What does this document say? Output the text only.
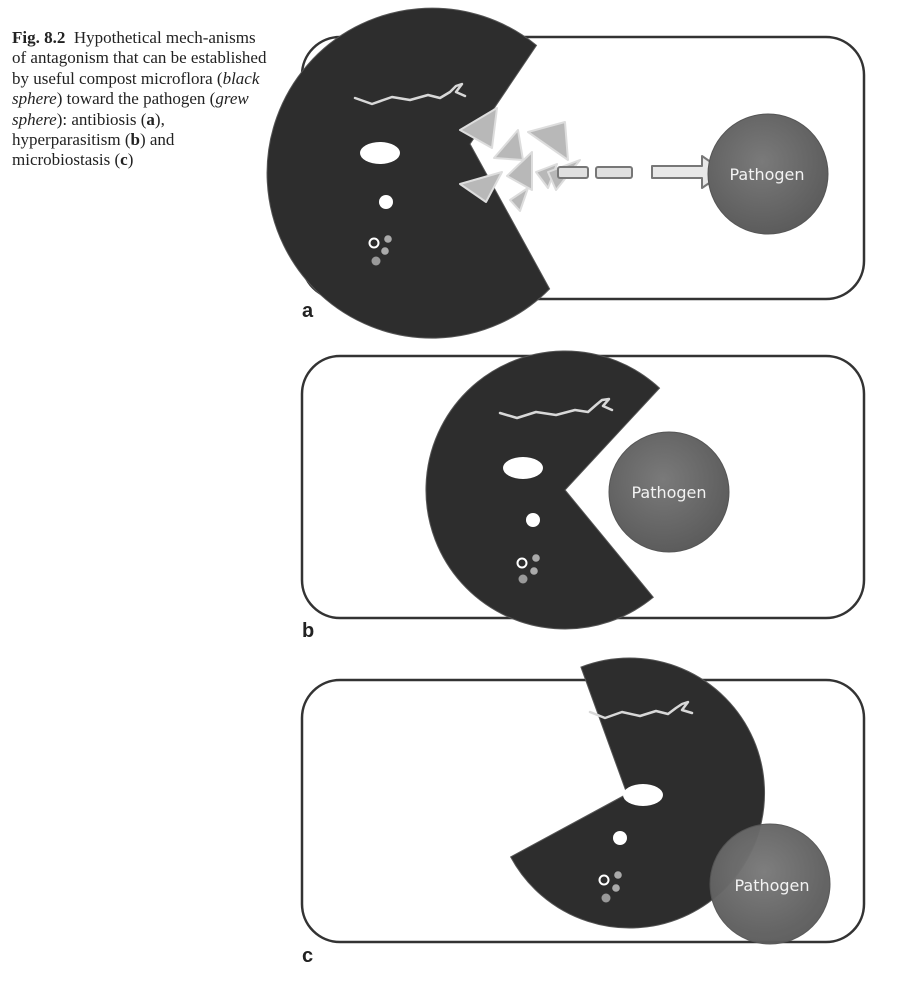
Fig. 8.2 Hypothetical mech-anisms of antagonism that can be established by useful compost microflora (black sphere) toward the pathogen (grew sphere): antibiosis (a), hyperparasitism (b) and microbiostasis (c)
Pathogen
a
Pathogen
b
Pathogen
c
